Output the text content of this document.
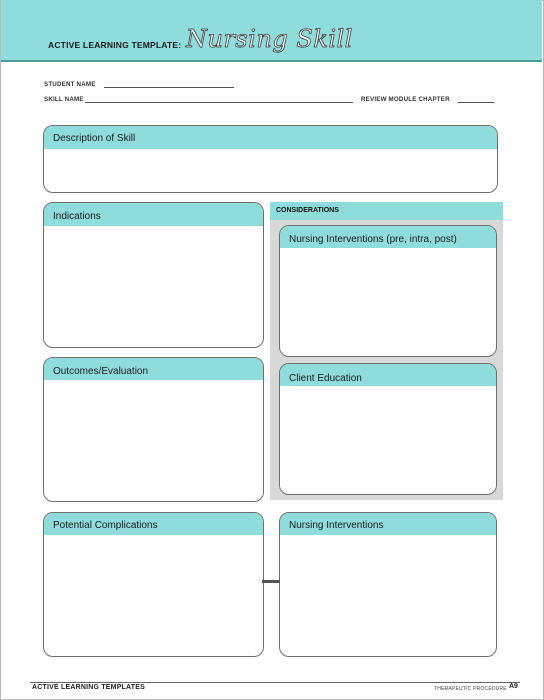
ACTIVE LEARNING TEMPLATE: Nursing Skill
STUDENT NAME
SKILL NAME	REVIEW MODULE CHAPTER
Description of Skill
Indications
Outcomes/Evaluation
CONSIDERATIONS
Nursing Interventions (pre, intra, post)
Client Education
Potential Complications	Nursing Interventions
ACTIVE LEARNING TEMPLATES	THERAPEUTIC PROCEDURE A9
